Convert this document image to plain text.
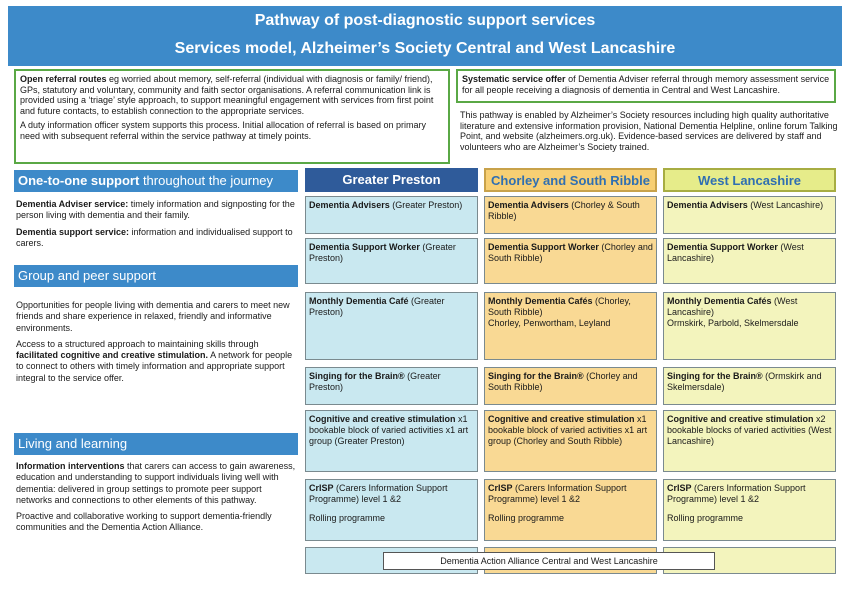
Pathway of post-diagnostic support services
Services model, Alzheimer’s Society Central and West Lancashire

Open referral routes eg worried about memory, self-referral (individual with diagnosis or family/ friend), GPs, statutory and voluntary, community and faith sector organisations. A referral communication link is provided using a ‘triage’ style approach, to support meaningful engagement with services from first point and future contacts, to establish connection to the appropriate services.

A duty information officer system supports this process. Initial allocation of referral is based on primary need with subsequent referral within the service pathway at timely points.

Systematic service offer of Dementia Adviser referral through memory assessment service for all people receiving a diagnosis of dementia in Central and West Lancashire.

This pathway is enabled by Alzheimer’s Society resources including high quality authoritative literature and extensive information provision, National Dementia Helpline, online forum Talking Point, and website (alzheimers.org.uk). Evidence-based services are delivered by staff and volunteers who are Alzheimer’s Society trained.
One-to-one support throughout the journey

Dementia Adviser service: timely information and signposting for the person living with dementia and their family.

Dementia support service: information and individualised support to carers.

Group and peer support

Opportunities for people living with dementia and carers to meet new friends and share experience in relaxed, friendly and informative environments.

Access to a structured approach to maintaining skills through facilitated cognitive and creative stimulation. A network for people to connect to others with timely information and appropriate support integral to the service offer.

Living and learning

Information interventions that carers can access to gain awareness, education and understanding to support individuals living well with dementia: delivered in group settings to promote peer support networks and connections to other elements of this pathway.

Proactive and collaborative working to support dementia-friendly communities and the Dementia Action Alliance.

Greater Preston
Dementia Advisers (Greater Preston)
Dementia Support Worker (Greater Preston)
Monthly Dementia Café (Greater Preston)
Singing for the Brain® (Greater Preston)
Cognitive and creative stimulation x1 bookable block of varied activities x1 art group (Greater Preston)
CrISP (Carers Information Support Programme) level 1 &2
Rolling programme
Chorley and South Ribble
Dementia Advisers (Chorley & South Ribble)
Dementia Support Worker (Chorley and South Ribble)
Monthly Dementia Cafés (Chorley, South Ribble)
Chorley, Penwortham, Leyland
Singing for the Brain® (Chorley and South Ribble)
Cognitive and creative stimulation x1 bookable block of varied activities x1 art group (Chorley and South Ribble)
CrISP (Carers Information Support Programme) level 1 &2
Rolling programme
West Lancashire
Dementia Advisers (West Lancashire)
Dementia Support Worker (West Lancashire)
Monthly Dementia Cafés (West Lancashire)
Ormskirk, Parbold, Skelmersdale
Singing for the Brain® (Ormskirk and Skelmersdale)
Cognitive and creative stimulation x2 bookable blocks of varied activities (West Lancashire)
CrISP (Carers Information Support Programme) level 1 &2
Rolling programme
Dementia Action Alliance Central and West Lancashire
